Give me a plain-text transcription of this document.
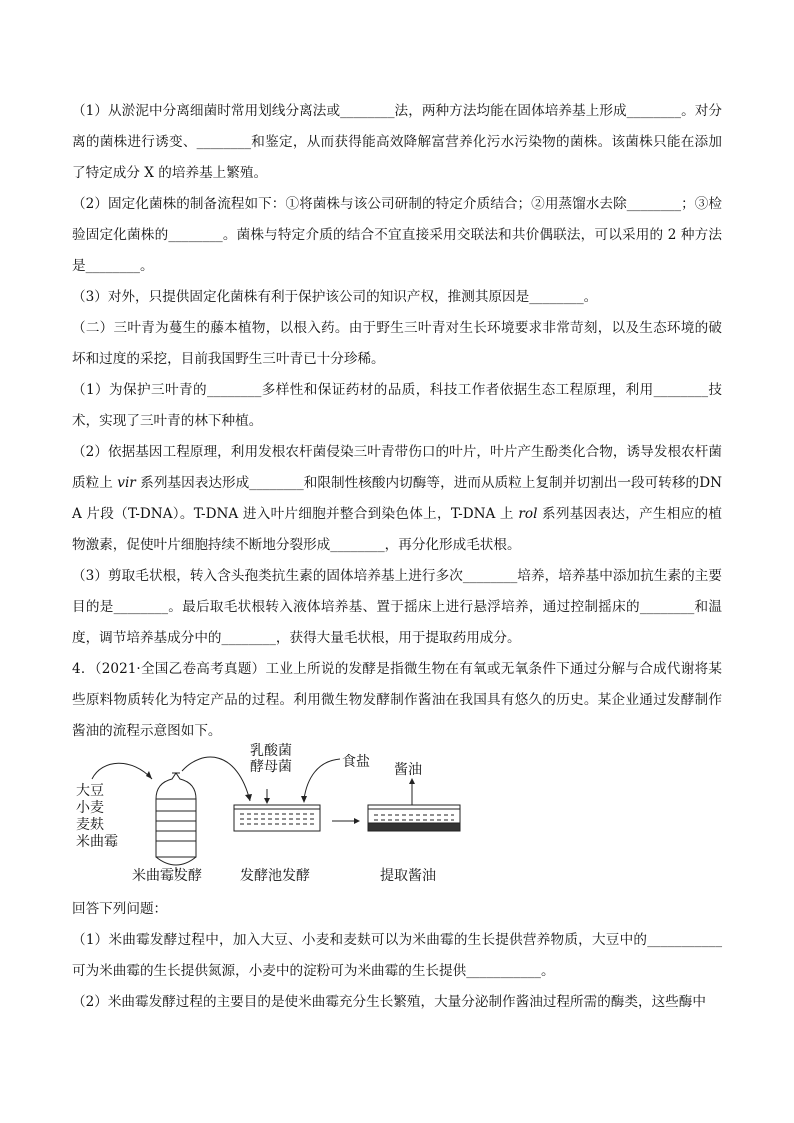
（1）从淤泥中分离细菌时常用划线分离法或________法，两种方法均能在固体培养基上形成________。对分离的菌株进行诱变、________和鉴定，从而获得能高效降解富营养化污水污染物的菌株。该菌株只能在添加了特定成分 X 的培养基上繁殖。

（2）固定化菌株的制备流程如下：①将菌株与该公司研制的特定介质结合；②用蒸馏水去除________；③检验固定化菌株的________。菌株与特定介质的结合不宜直接采用交联法和共价偶联法，可以采用的 2 种方法是________。

（3）对外，只提供固定化菌株有利于保护该公司的知识产权，推测其原因是________。

（二）三叶青为蔓生的藤本植物，以根入药。由于野生三叶青对生长环境要求非常苛刻，以及生态环境的破坏和过度的采挖，目前我国野生三叶青已十分珍稀。

（1）为保护三叶青的________多样性和保证药材的品质，科技工作者依据生态工程原理，利用________技术，实现了三叶青的林下种植。

（2）依据基因工程原理，利用发根农杆菌侵染三叶青带伤口的叶片，叶片产生酚类化合物，诱导发根农杆菌质粒上 vir 系列基因表达形成________和限制性核酸内切酶等，进而从质粒上复制并切割出一段可转移的DNA 片段（T-DNA）。T-DNA 进入叶片细胞并整合到染色体上，T-DNA 上 rol 系列基因表达，产生相应的植物激素，促使叶片细胞持续不断地分裂形成________，再分化形成毛状根。

（3）剪取毛状根，转入含头孢类抗生素的固体培养基上进行多次________培养，培养基中添加抗生素的主要目的是________。最后取毛状根转入液体培养基、置于摇床上进行悬浮培养，通过控制摇床的________和温度，调节培养基成分中的________，获得大量毛状根，用于提取药用成分。

4．（2021·全国乙卷高考真题）工业上所说的发酵是指微生物在有氧或无氧条件下通过分解与合成代谢将某些原料物质转化为特定产品的过程。利用微生物发酵制作酱油在我国具有悠久的历史。某企业通过发酵制作酱油的流程示意图如下。

大豆
小麦
麦麸
米曲霉
乳酸菌
酵母菌	食盐 酱油
米曲霉发酵	发酵池发酵	提取酱油

回答下列问题：

（1）米曲霉发酵过程中，加入大豆、小麦和麦麸可以为米曲霉的生长提供营养物质，大豆中的___________可为米曲霉的生长提供氮源，小麦中的淀粉可为米曲霉的生长提供___________。

（2）米曲霉发酵过程的主要目的是使米曲霉充分生长繁殖，大量分泌制作酱油过程所需的酶类，这些酶中
